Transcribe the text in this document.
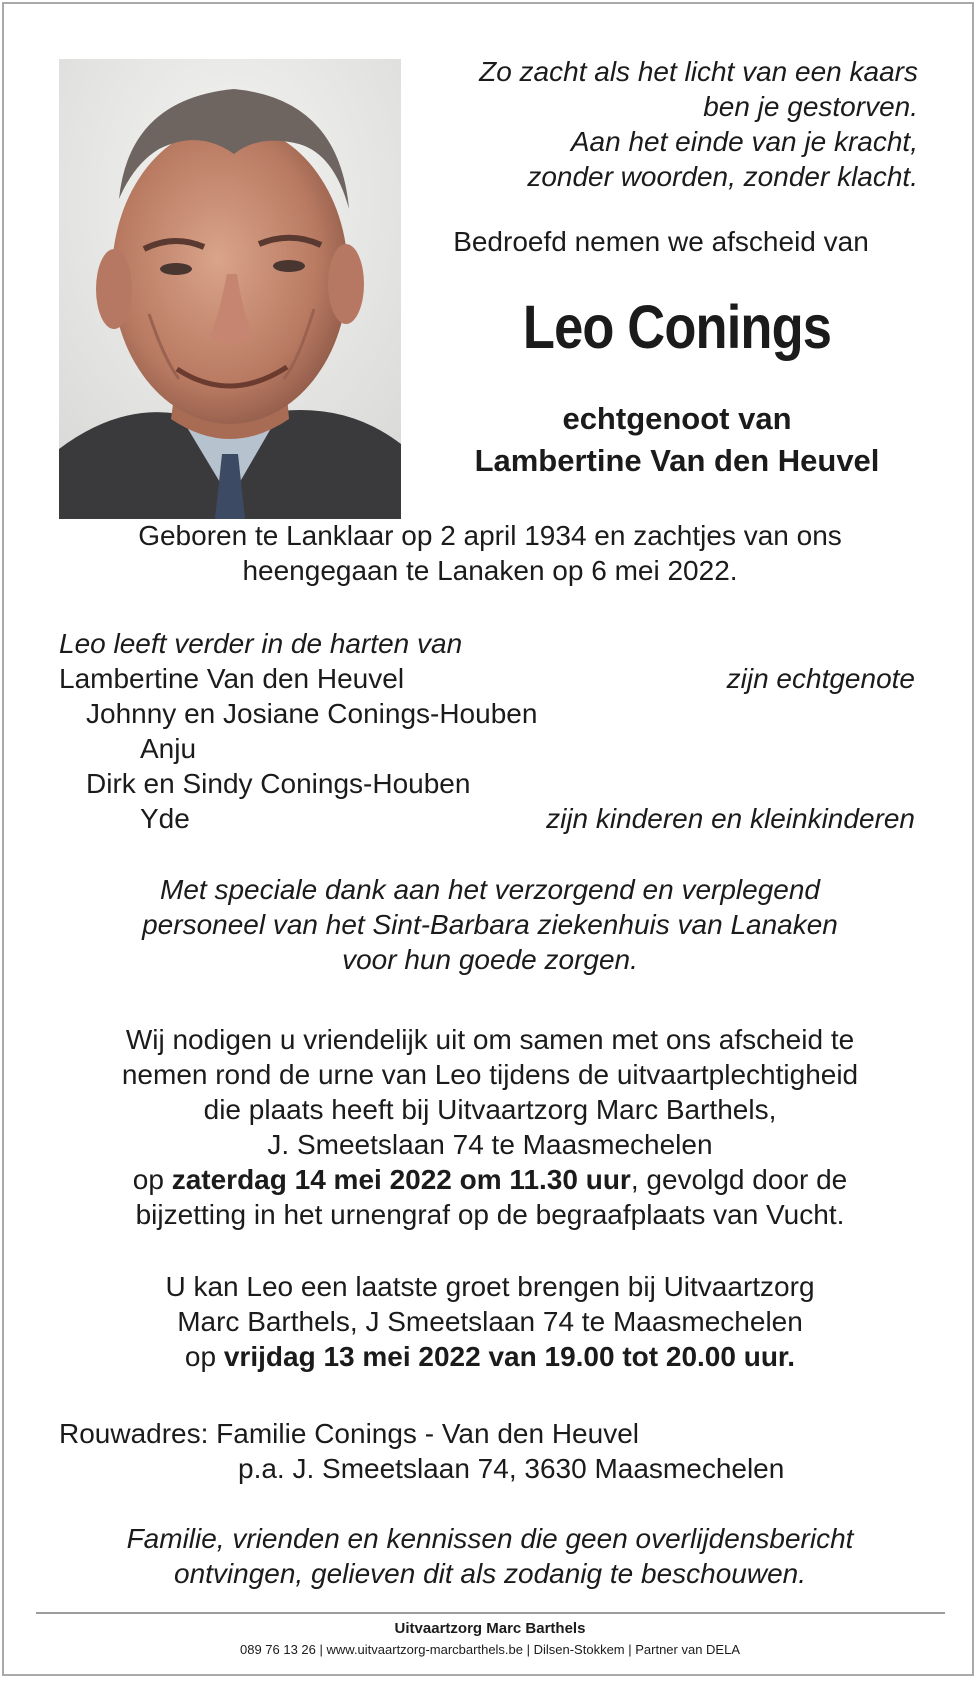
Zo zacht als het licht van een kaars
ben je gestorven.
Aan het einde van je kracht,
zonder woorden, zonder klacht.
Bedroefd nemen we afscheid van
Leo Conings
echtgenoot van
Lambertine Van den Heuvel
Geboren te Lanklaar op 2 april 1934 en zachtjes van ons
heengegaan te Lanaken op 6 mei 2022.
Leo leeft verder in de harten van
Lambertine Van den Heuvel	zijn echtgenote
Johnny en Josiane Conings-Houben
Anju
Dirk en Sindy Conings-Houben
Yde	zijn kinderen en kleinkinderen
Met speciale dank aan het verzorgend en verplegend
personeel van het Sint-Barbara ziekenhuis van Lanaken
voor hun goede zorgen.
Wij nodigen u vriendelijk uit om samen met ons afscheid te
nemen rond de urne van Leo tijdens de uitvaartplechtigheid
die plaats heeft bij Uitvaartzorg Marc Barthels,
J. Smeetslaan 74 te Maasmechelen
op zaterdag 14 mei 2022 om 11.30 uur, gevolgd door de
bijzetting in het urnengraf op de begraafplaats van Vucht.
U kan Leo een laatste groet brengen bij Uitvaartzorg
Marc Barthels, J Smeetslaan 74 te Maasmechelen
op vrijdag 13 mei 2022 van 19.00 tot 20.00 uur.
Rouwadres: Familie Conings - Van den Heuvel
p.a. J. Smeetslaan 74, 3630 Maasmechelen
Familie, vrienden en kennissen die geen overlijdensbericht
ontvingen, gelieven dit als zodanig te beschouwen.
Uitvaartzorg Marc Barthels
089 76 13 26 | www.uitvaartzorg-marcbarthels.be | Dilsen-Stokkem | Partner van DELA
